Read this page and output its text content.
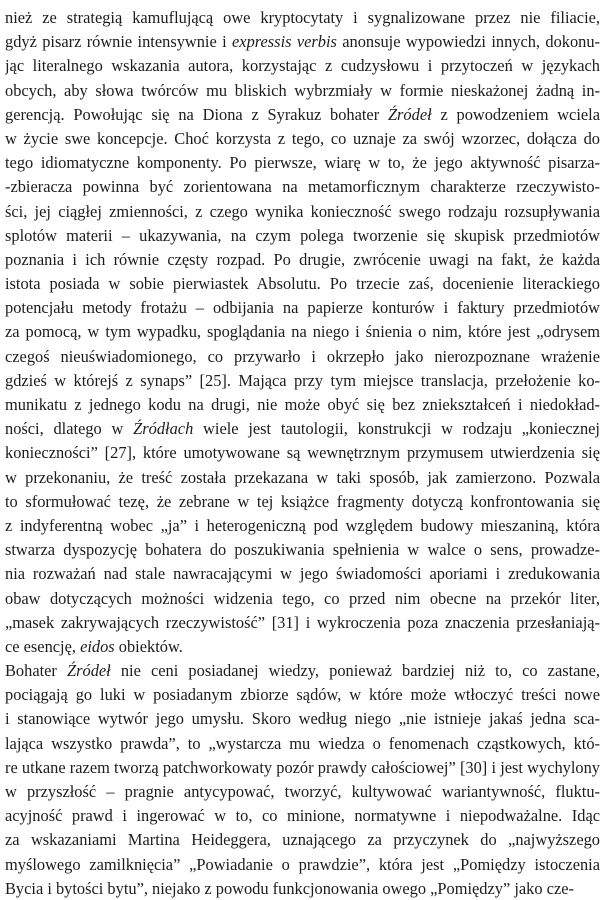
nież ze strategią kamuflującą owe kryptocytaty i sygnalizowane przez nie filiacie,

gdyż pisarz równie intensywnie i expressis verbis anonsuje wypowiedzi innych, dokonu-

jąc literalnego wskazania autora, korzystając z cudzysłowu i przytoczeń w językach

obcych, aby słowa twórców mu bliskich wybrzmiały w formie nieskażonej żadną in-

gerencją. Powołując się na Diona z Syrakuz bohater Źródeł z powodzeniem wciela

w życie swe koncepcje. Choć korzysta z tego, co uznaje za swój wzorzec, dołącza do

tego idiomatyczne komponenty. Po pierwsze, wiarę w to, że jego aktywność pisarza-

-zbieracza powinna być zorientowana na metamorficznym charakterze rzeczywisto-

ści, jej ciągłej zmienności, z czego wynika konieczność swego rodzaju rozsupływania

splotów materii – ukazywania, na czym polega tworzenie się skupisk przedmiotów

poznania i ich równie częsty rozpad. Po drugie, zwrócenie uwagi na fakt, że każda

istota posiada w sobie pierwiastek Absolutu. Po trzecie zaś, docenienie literackiego

potencjału metody frotażu – odbijania na papierze konturów i faktury przedmiotów

za pomocą, w tym wypadku, spoglądania na niego i śnienia o nim, które jest „odrysem

czegoś nieuświadomionego, co przywarło i okrzepło jako nierozpoznane wrażenie

gdzieś w którejś z synaps” [25]. Mająca przy tym miejsce translacja, przełożenie ko-

munikatu z jednego kodu na drugi, nie może obyć się bez zniekształceń i niedokład-

ności, dlatego w Źródłach wiele jest tautologii, konstrukcji w rodzaju „koniecznej

konieczności” [27], które umotywowane są wewnętrznym przymusem utwierdzenia się

w przekonaniu, że treść została przekazana w taki sposób, jak zamierzono. Pozwala

to sformułować tezę, że zebrane w tej książce fragmenty dotyczą konfrontowania się

z indyferentną wobec „ja” i heterogeniczną pod względem budowy mieszaniną, która

stwarza dyspozycję bohatera do poszukiwania spełnienia w walce o sens, prowadze-

nia rozważań nad stale nawracającymi w jego świadomości aporiami i zredukowania

obaw dotyczących możności widzenia tego, co przed nim obecne na przekór liter,

„masek zakrywających rzeczywistość” [31] i wykroczenia poza znaczenia przesłaniają-

ce esencję, eidos obiektów.

Bohater Źródeł nie ceni posiadanej wiedzy, ponieważ bardziej niż to, co zastane,

pociągają go luki w posiadanym zbiorze sądów, w które może wtłoczyć treści nowe

i stanowiące wytwór jego umysłu. Skoro według niego „nie istnieje jakaś jedna sca-

lająca wszystko prawda”, to „wystarcza mu wiedza o fenomenach cząstkowych, któ-

re utkane razem tworzą patchworkowaty pozór prawdy całościowej” [30] i jest wychylony

w przyszłość – pragnie antycypować, tworzyć, kultywować wariantywność, fluktu-

acyjność prawd i ingerować w to, co minione, normatywne i niepodważalne. Idąc

za wskazaniami Martina Heideggera, uznającego za przyczynek do „najwyższego

myślowego zamilknięcia” „Powiadanie o prawdzie”, która jest „Pomiędzy istoczenia

Bycia i bytości bytu”, niejako z powodu funkcjonowania owego „Pomiędzy” jako cze-
